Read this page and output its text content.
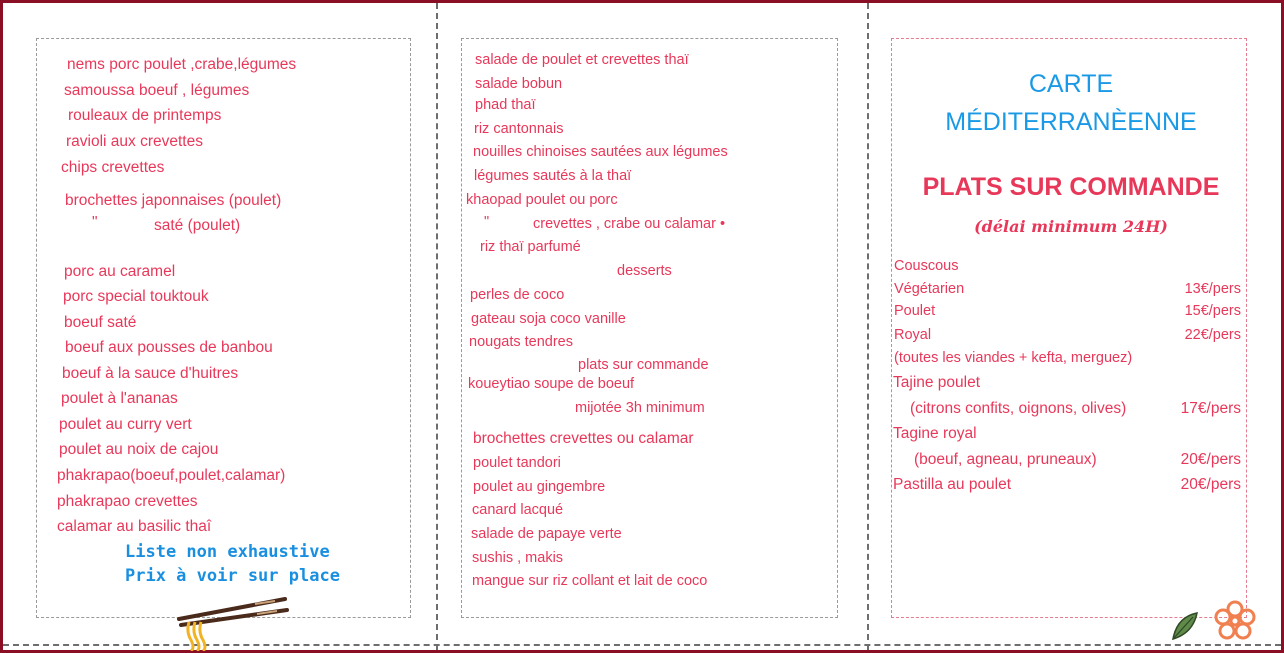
nems porc poulet ,crabe,légumes
samoussa boeuf , légumes
rouleaux de printemps
ravioli aux crevettes
chips crevettes
brochettes japonnaises (poulet)
"	saté (poulet)
porc au caramel
porc special touktouk
boeuf saté
boeuf aux pousses de banbou
boeuf à la sauce d'huitres
poulet à l'ananas
poulet au curry vert
poulet au noix de cajou
phakrapao(boeuf,poulet,calamar)
phakrapao crevettes
calamar au basilic thaî
Liste non exhaustive
Prix à voir sur place
salade de poulet et crevettes thaï
salade bobun
phad thaï
riz cantonnais
nouilles chinoises sautées aux légumes
légumes sautés à la thaï
khaopad poulet ou porc
"	crevettes , crabe ou calamar •
riz thaï parfumé
desserts
perles de coco
gateau soja coco vanille
nougats tendres
plats sur commande
koueytiao soupe de boeuf
mijotée 3h minimum
brochettes crevettes ou calamar
poulet tandori
poulet au gingembre
canard lacqué
salade de papaye verte
sushis , makis
mangue sur riz collant et lait de coco
CARTE
MÉDITERRANÈENNE
PLATS SUR COMMANDE
(délai minimum 24H)
Couscous
Végétarien	13€/pers
Poulet	15€/pers
Royal	22€/pers
(toutes les viandes + kefta, merguez)
Tajine poulet
(citrons confits, oignons, olives)	17€/pers
Tagine royal
(boeuf, agneau, pruneaux)	20€/pers
Pastilla au poulet	20€/pers
